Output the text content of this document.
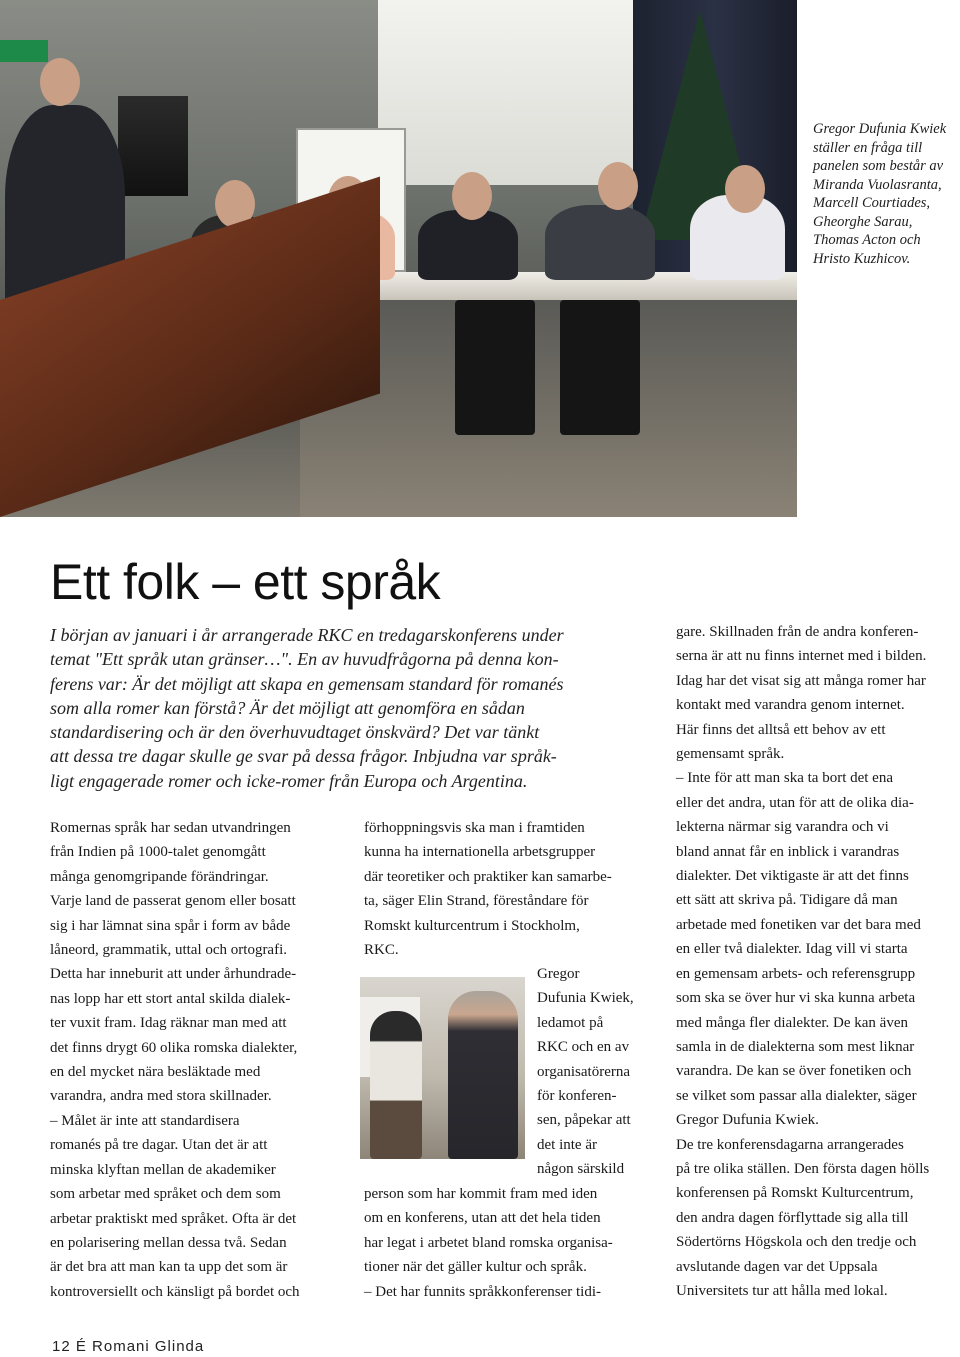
Gregor Dufunia Kwiek
ställer en fråga till
panelen som består av
Miranda Vuolasranta,
Marcell Courtiades,
Gheorghe Sarau,
Thomas Acton och
Hristo Kuzhicov.

Ett folk – ett språk

I början av januari i år arrangerade RKC en tredagarskonferens under
temat "Ett språk utan gränser…". En av huvudfrågorna på denna kon-
ferens var: Är det möjligt att skapa en gemensam standard för romanés
som alla romer kan förstå? Är det möjligt att genomföra en sådan
standardisering och är den överhuvudtaget önskvärd? Det var tänkt
att dessa tre dagar skulle ge svar på dessa frågor. Inbjudna var språk-
ligt engagerade romer och icke-romer från Europa och Argentina.

Romernas språk har sedan utvandringen
från Indien på 1000-talet genomgått
många genomgripande förändringar.
Varje land de passerat genom eller bosatt
sig i har lämnat sina spår i form av både
låneord, grammatik, uttal och ortografi.
Detta har inneburit att under århundrade-
nas lopp har ett stort antal skilda dialek-
ter vuxit fram. Idag räknar man med att
det finns drygt 60 olika romska dialekter,
en del mycket nära besläktade med
varandra, andra med stora skillnader.
– Målet är inte att standardisera
romanés på tre dagar. Utan det är att
minska klyftan mellan de akademiker
som arbetar med språket och dem som
arbetar praktiskt med språket. Ofta är det
en polarisering mellan dessa två. Sedan
är det bra att man kan ta upp det som är
kontroversiellt och känsligt på bordet och

förhoppningsvis ska man i framtiden
kunna ha internationella arbetsgrupper
där teoretiker och praktiker kan samarbe-
ta, säger Elin Strand, föreståndare för
Romskt kulturcentrum i Stockholm,
RKC.

Gregor
Dufunia Kwiek,
ledamot på
RKC och en av
organisatörerna
för konferen-
sen, påpekar att
det inte är
någon särskild

person som har kommit fram med iden
om en konferens, utan att det hela tiden
har legat i arbetet bland romska organisa-
tioner när det gäller kultur och språk.
– Det har funnits språkkonferenser tidi-

gare. Skillnaden från de andra konferen-
serna är att nu finns internet med i bilden.
Idag har det visat sig att många romer har
kontakt med varandra genom internet.
Här finns det alltså ett behov av ett
gemensamt språk.
– Inte för att man ska ta bort det ena
eller det andra, utan för att de olika dia-
lekterna närmar sig varandra och vi
bland annat får en inblick i varandras
dialekter. Det viktigaste är att det finns
ett sätt att skriva på. Tidigare då man
arbetade med fonetiken var det bara med
en eller två dialekter. Idag vill vi starta
en gemensam arbets- och referensgrupp
som ska se över hur vi ska kunna arbeta
med många fler dialekter. De kan även
samla in de dialekterna som mest liknar
varandra. De kan se över fonetiken och
se vilket som passar alla dialekter, säger
Gregor Dufunia Kwiek.
De tre konferensdagarna arrangerades
på tre olika ställen. Den första dagen hölls
konferensen på Romskt Kulturcentrum,
den andra dagen förflyttade sig alla till
Södertörns Högskola och den tredje och
avslutande dagen var det Uppsala
Universitets tur att hålla med lokal.

12 É Romani Glinda
